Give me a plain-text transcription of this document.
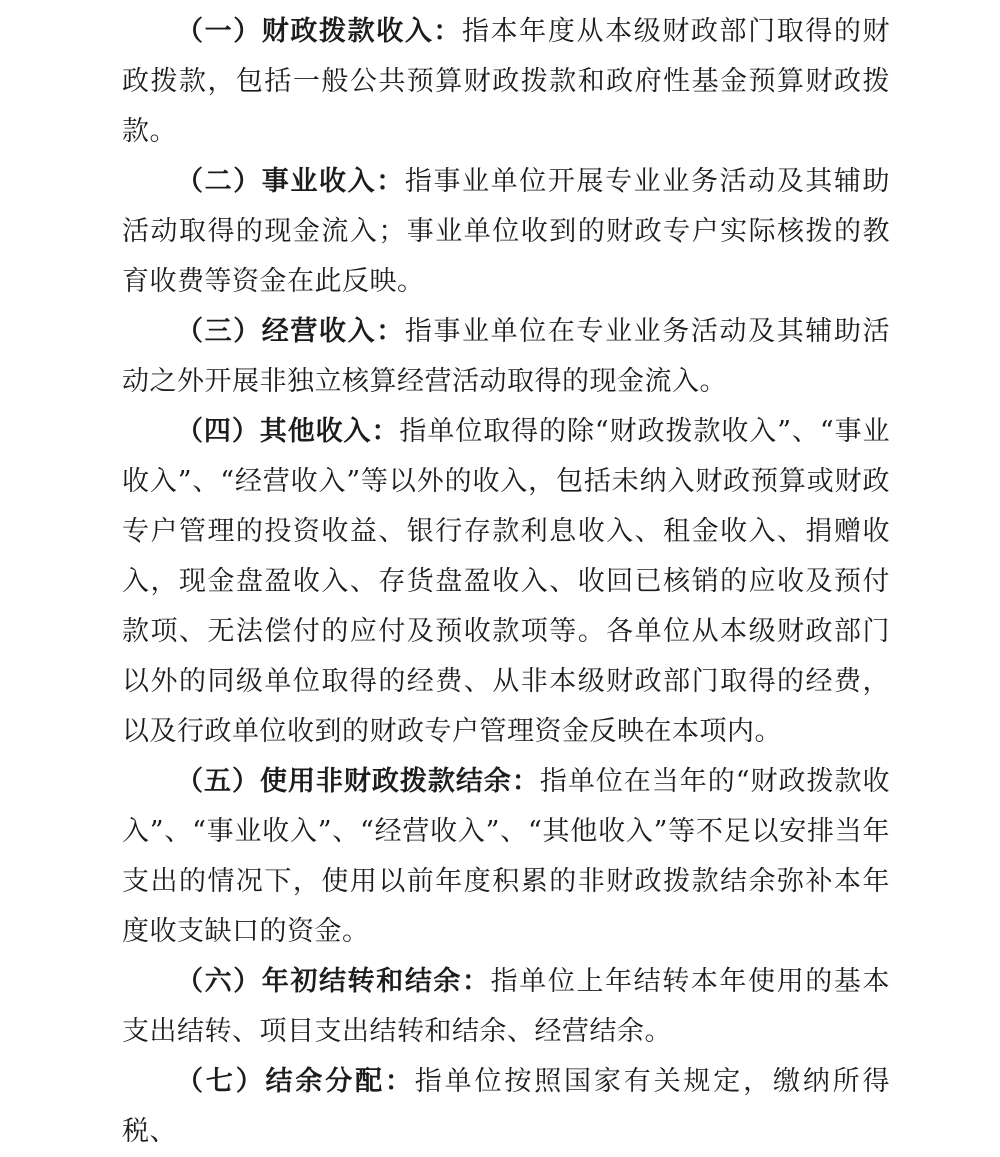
（一）财政拨款收入：指本年度从本级财政部门取得的财政拨款，包括一般公共预算财政拨款和政府性基金预算财政拨款。

（二）事业收入：指事业单位开展专业业务活动及其辅助活动取得的现金流入；事业单位收到的财政专户实际核拨的教育收费等资金在此反映。

（三）经营收入：指事业单位在专业业务活动及其辅助活动之外开展非独立核算经营活动取得的现金流入。

（四）其他收入：指单位取得的除“财政拨款收入”、“事业收入”、“经营收入”等以外的收入，包括未纳入财政预算或财政专户管理的投资收益、银行存款利息收入、租金收入、捐赠收入，现金盘盈收入、存货盘盈收入、收回已核销的应收及预付款项、无法偿付的应付及预收款项等。各单位从本级财政部门以外的同级单位取得的经费、从非本级财政部门取得的经费，以及行政单位收到的财政专户管理资金反映在本项内。

（五）使用非财政拨款结余：指单位在当年的“财政拨款收入”、“事业收入”、“经营收入”、“其他收入”等不足以安排当年支出的情况下，使用以前年度积累的非财政拨款结余弥补本年度收支缺口的资金。

（六）年初结转和结余：指单位上年结转本年使用的基本支出结转、项目支出结转和结余、经营结余。

（七）结余分配：指单位按照国家有关规定，缴纳所得税、
